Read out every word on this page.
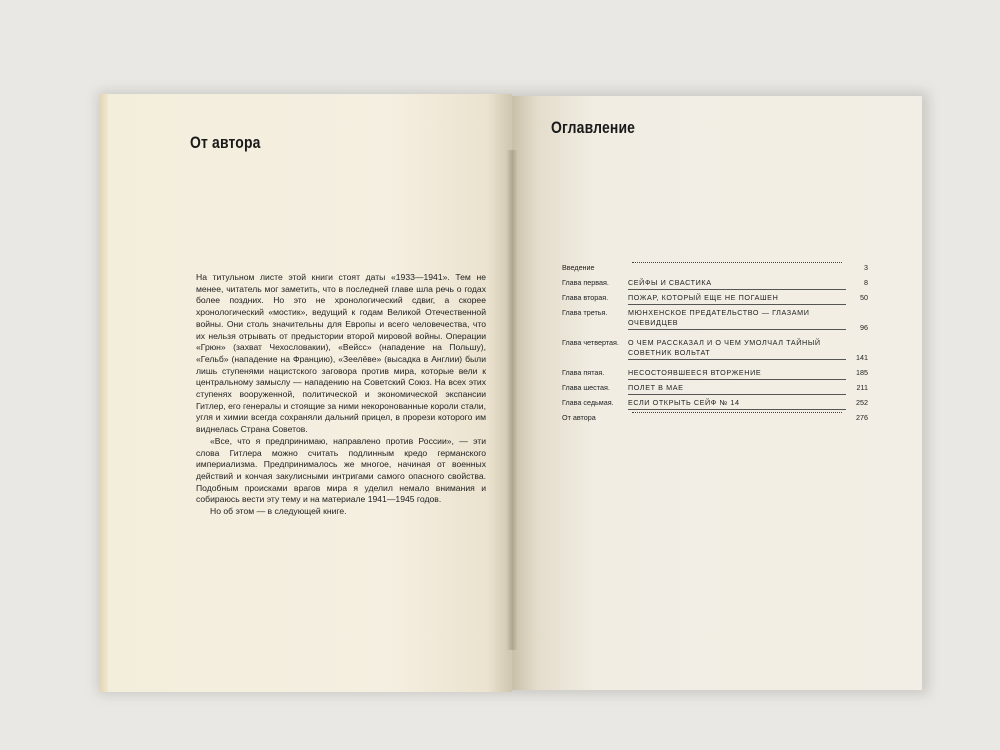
От автора

На титульном листе этой книги стоят даты «1933—1941». Тем не менее, читатель мог заметить, что в последней главе шла речь о годах более поздних. Но это не хронологический сдвиг, а скорее хронологический «мостик», ведущий к годам Великой Отечественной войны. Они столь значительны для Европы и всего человечества, что их нельзя отрывать от предыстории второй мировой войны. Операции «Грюн» (захват Чехословакии), «Вейсс» (нападение на Польшу), «Гельб» (нападение на Францию), «Зеелёве» (высадка в Англии) были лишь ступенями нацистского заговора против мира, которые вели к центральному замыслу — нападению на Советский Союз. На всех этих ступенях вооруженной, политической и экономической экспансии Гитлер, его генералы и стоящие за ними некоронованные короли стали, угля и химии всегда сохраняли дальний прицел, в прорези которого им виднелась Страна Советов.

«Все, что я предпринимаю, направлено против России», — эти слова Гитлера можно считать подлинным кредо германского империализма. Предпринималось же многое, начиная от военных действий и кончая закулисными интригами самого опасного свойства. Подобным происками врагов мира я уделил немало внимания и собираюсь вести эту тему и на материале 1941—1945 годов.

Но об этом — в следующей книге.

Оглавление
Введение	3
Глава первая.	СЕЙФЫ И СВАСТИКА	8
Глава вторая.	ПОЖАР, КОТОРЫЙ ЕЩЕ НЕ ПОГАШЕН	50
Глава третья.	МЮНХЕНСКОЕ ПРЕДАТЕЛЬСТВО — ГЛАЗАМИ ОЧЕВИДЦЕВ
96
Глава четвертая.	О ЧЕМ РАССКАЗАЛ И О ЧЕМ УМОЛЧАЛ ТАЙНЫЙ СОВЕТНИК ВОЛЬТАТ
141
Глава пятая.	НЕСОСТОЯВШЕЕСЯ ВТОРЖЕНИЕ	185
Глава шестая.	ПОЛЕТ В МАЕ	211
Глава седьмая.	ЕСЛИ ОТКРЫТЬ СЕЙФ № 14	252
От автора	276
